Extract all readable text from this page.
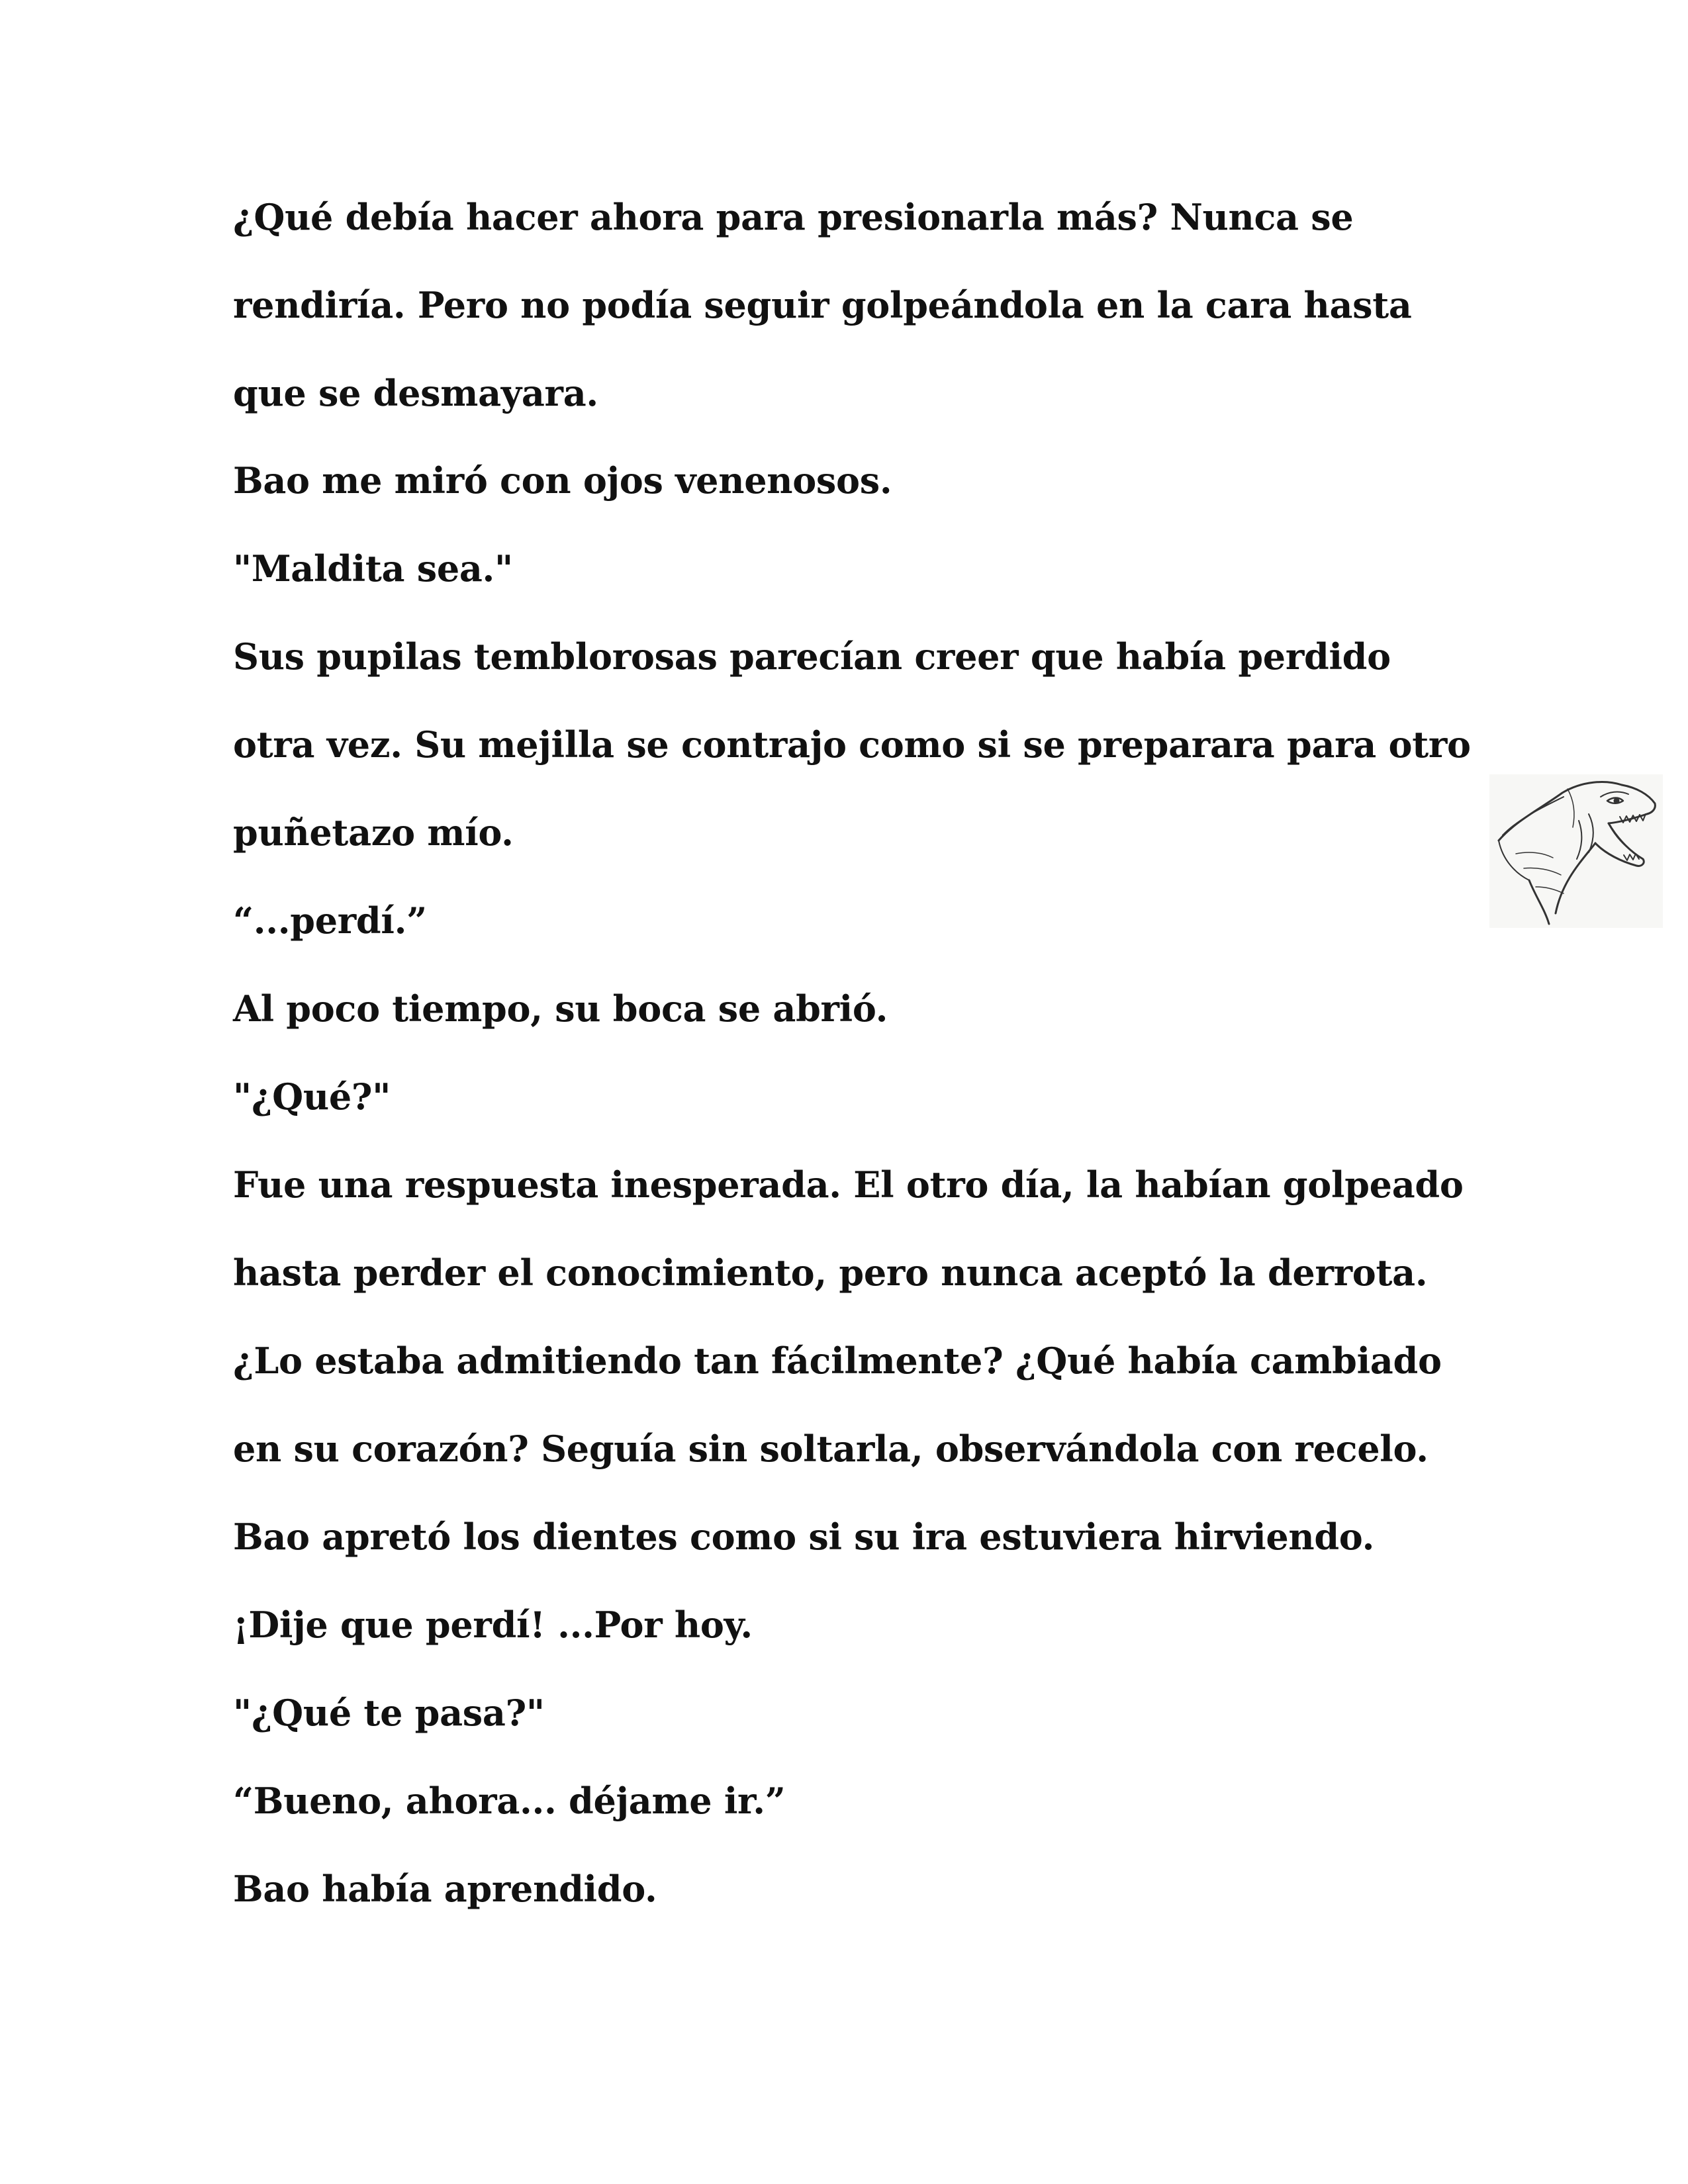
¿Qué debía hacer ahora para presionarla más? Nunca se
rendiría. Pero no podía seguir golpeándola en la cara hasta
que se desmayara.
Bao me miró con ojos venenosos.
"Maldita sea."
Sus pupilas temblorosas parecían creer que había perdido
otra vez. Su mejilla se contrajo como si se preparara para otro
puñetazo mío.
“...perdí.”
Al poco tiempo, su boca se abrió.
"¿Qué?"
Fue una respuesta inesperada. El otro día, la habían golpeado
hasta perder el conocimiento, pero nunca aceptó la derrota.
¿Lo estaba admitiendo tan fácilmente? ¿Qué había cambiado
en su corazón? Seguía sin soltarla, observándola con recelo.
Bao apretó los dientes como si su ira estuviera hirviendo.
¡Dije que perdí! ...Por hoy.
"¿Qué te pasa?"
“Bueno, ahora... déjame ir.”
Bao había aprendido.
